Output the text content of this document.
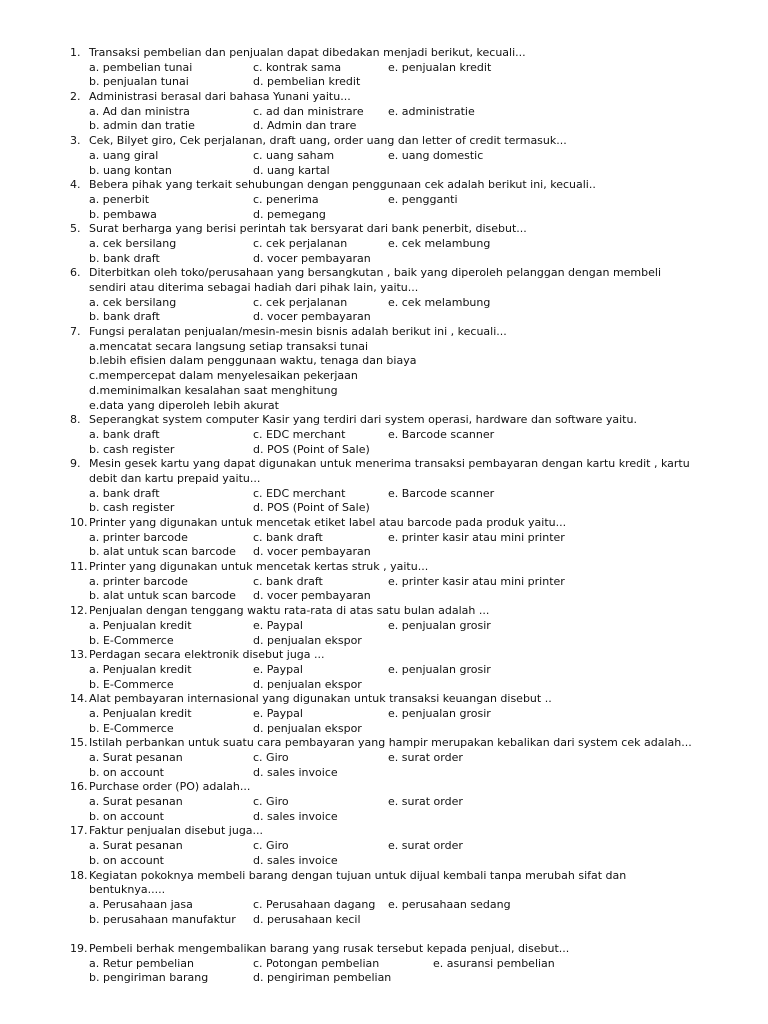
1. Transaksi pembelian dan penjualan dapat dibedakan menjadi berikut, kecuali...
a. pembelian tunai	c. kontrak sama	e. penjualan kredit
b. penjualan tunai	d. pembelian kredit
2. Administrasi berasal dari bahasa Yunani yaitu...
a. Ad dan ministra	c. ad dan ministrare e. administratie
b. admin dan tratie	d. Admin dan trare
3. Cek, Bilyet giro, Cek perjalanan, draft uang, order uang dan letter of credit termasuk...
a. uang giral	c. uang saham	e. uang domestic
b. uang kontan	d. uang kartal
4. Bebera pihak yang terkait sehubungan dengan penggunaan cek adalah berikut ini, kecuali..
a. penerbit	c. penerima	e. pengganti
b. pembawa	d. pemegang
5. Surat berharga yang berisi perintah tak bersyarat dari bank penerbit, disebut...
a. cek bersilang	c. cek perjalanan	e. cek melambung
b. bank draft	d. vocer pembayaran
6. Diterbitkan oleh toko/perusahaan yang bersangkutan , baik yang diperoleh pelanggan dengan membeli
sendiri atau diterima sebagai hadiah dari pihak lain, yaitu...
a. cek bersilang	c. cek perjalanan	e. cek melambung
b. bank draft	d. vocer pembayaran
7. Fungsi peralatan penjualan/mesin-mesin bisnis adalah berikut ini , kecuali...
a.mencatat secara langsung setiap transaksi tunai
b.lebih efisien dalam penggunaan waktu, tenaga dan biaya
c.mempercepat dalam menyelesaikan pekerjaan
d.meminimalkan kesalahan saat menghitung
e.data yang diperoleh lebih akurat
8. Seperangkat system computer Kasir yang terdiri dari system operasi, hardware dan software yaitu.
a. bank draft	c. EDC merchant	e. Barcode scanner
b. cash register	d. POS (Point of Sale)
9. Mesin gesek kartu yang dapat digunakan untuk menerima transaksi pembayaran dengan kartu kredit , kartu
debit dan kartu prepaid yaitu...
a. bank draft	c. EDC merchant	e. Barcode scanner
b. cash register	d. POS (Point of Sale)
10. Printer yang digunakan untuk mencetak etiket label atau barcode pada produk yaitu...
a. printer barcode	c. bank draft	e. printer kasir atau mini printer
b. alat untuk scan barcode d. vocer pembayaran
11. Printer yang digunakan untuk mencetak kertas struk , yaitu...
a. printer barcode	c. bank draft	e. printer kasir atau mini printer
b. alat untuk scan barcode d. vocer pembayaran
12. Penjualan dengan tenggang waktu rata-rata di atas satu bulan adalah ...
a. Penjualan kredit	e. Paypal	e. penjualan grosir
b. E-Commerce	d. penjualan ekspor
13. Perdagan secara elektronik disebut juga ...
a. Penjualan kredit	e. Paypal	e. penjualan grosir
b. E-Commerce	d. penjualan ekspor
14. Alat pembayaran internasional yang digunakan untuk transaksi keuangan disebut ..
a. Penjualan kredit	e. Paypal	e. penjualan grosir
b. E-Commerce	d. penjualan ekspor
15. Istilah perbankan untuk suatu cara pembayaran yang hampir merupakan kebalikan dari system cek adalah...
a. Surat pesanan	c. Giro	e. surat order
b. on account	d. sales invoice
16. Purchase order (PO) adalah...
a. Surat pesanan	c. Giro	e. surat order
b. on account	d. sales invoice
17. Faktur penjualan disebut juga...
a. Surat pesanan	c. Giro	e. surat order
b. on account	d. sales invoice
18. Kegiatan pokoknya membeli barang dengan tujuan untuk dijual kembali tanpa merubah sifat dan
bentuknya.....
a. Perusahaan jasa	c. Perusahaan dagang e. perusahaan sedang
b. perusahaan manufaktur d. perusahaan kecil
19. Pembeli berhak mengembalikan barang yang rusak tersebut kepada penjual, disebut...
a. Retur pembelian	c. Potongan pembelian	e. asuransi pembelian
b. pengiriman barang	d. pengiriman pembelian
